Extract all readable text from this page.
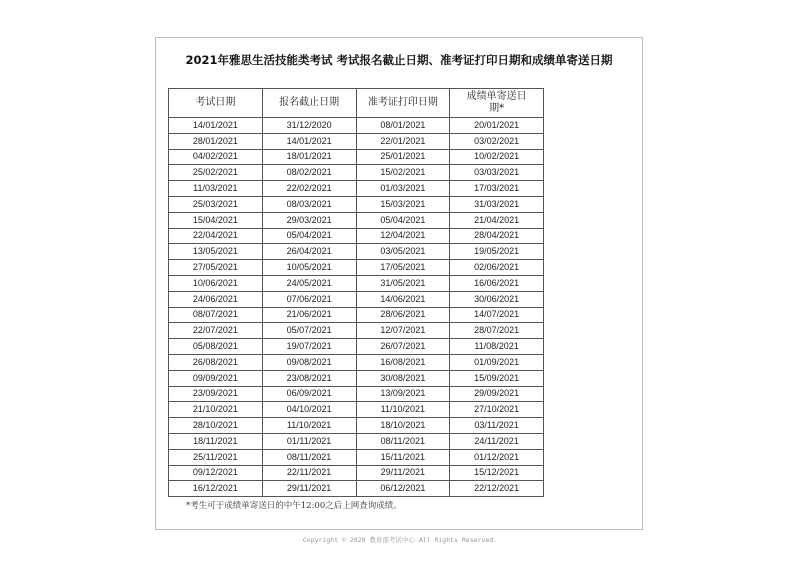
2021年雅思生活技能类考试 考试报名截止日期、准考证打印日期和成绩单寄送日期
考试日期	报名截止日期	准考证打印日期	成绩单寄送日期*
14/01/2021	31/12/2020	08/01/2021	20/01/2021
28/01/2021	14/01/2021	22/01/2021	03/02/2021
04/02/2021	18/01/2021	25/01/2021	10/02/2021
25/02/2021	08/02/2021	15/02/2021	03/03/2021
11/03/2021	22/02/2021	01/03/2021	17/03/2021
25/03/2021	08/03/2021	15/03/2021	31/03/2021
15/04/2021	29/03/2021	05/04/2021	21/04/2021
22/04/2021	05/04/2021	12/04/2021	28/04/2021
13/05/2021	26/04/2021	03/05/2021	19/05/2021
27/05/2021	10/05/2021	17/05/2021	02/06/2021
10/06/2021	24/05/2021	31/05/2021	16/06/2021
24/06/2021	07/06/2021	14/06/2021	30/06/2021
08/07/2021	21/06/2021	28/06/2021	14/07/2021
22/07/2021	05/07/2021	12/07/2021	28/07/2021
05/08/2021	19/07/2021	26/07/2021	11/08/2021
26/08/2021	09/08/2021	16/08/2021	01/09/2021
09/09/2021	23/08/2021	30/08/2021	15/09/2021
23/09/2021	06/09/2021	13/09/2021	29/09/2021
21/10/2021	04/10/2021	11/10/2021	27/10/2021
28/10/2021	11/10/2021	18/10/2021	03/11/2021
18/11/2021	01/11/2021	08/11/2021	24/11/2021
25/11/2021	08/11/2021	15/11/2021	01/12/2021
09/12/2021	22/11/2021	29/11/2021	15/12/2021
16/12/2021	29/11/2021	06/12/2021	22/12/2021
*考生可于成绩单寄送日的中午12:00之后上网查询成绩。
Copyright © 2020 教育部考试中心 All Rights Reserved.
